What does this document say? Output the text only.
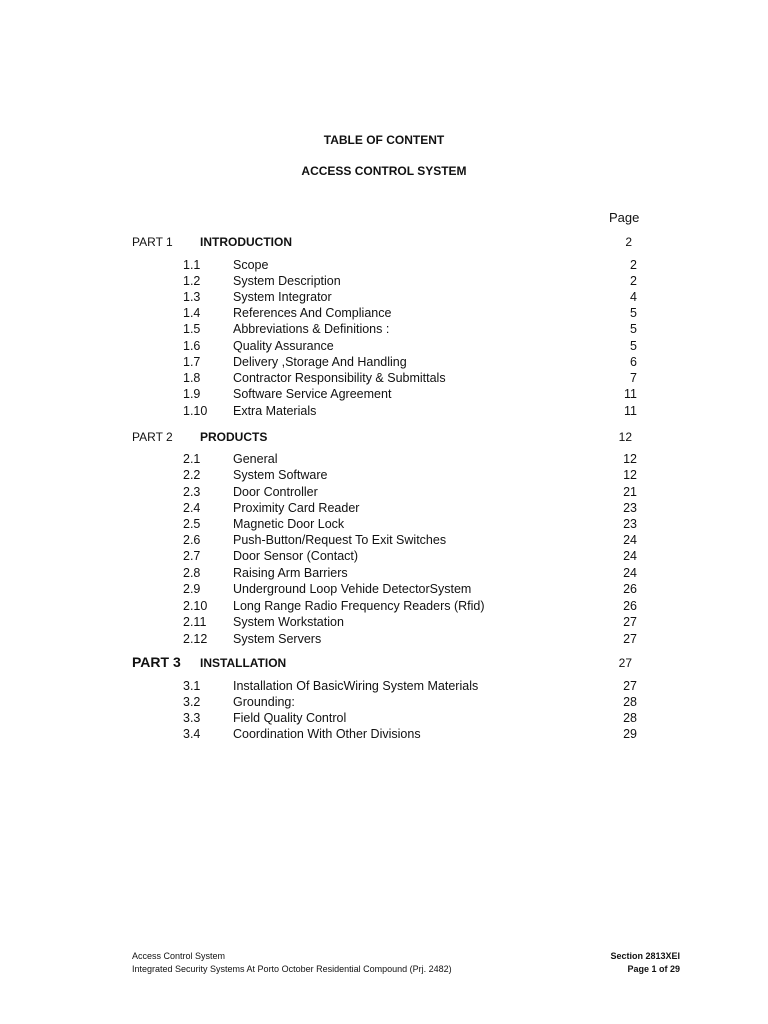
TABLE OF CONTENT
ACCESS CONTROL SYSTEM
Page
PART 1 INTRODUCTION	2
1.1	Scope	2
1.2	System Description	2
1.3	System Integrator	4
1.4	References And Compliance	5
1.5	Abbreviations & Definitions :	5
1.6	Quality Assurance	5
1.7	Delivery ,Storage And Handling	6
1.8	Contractor Responsibility & Submittals	7
1.9	Software Service Agreement	11
1.10 Extra Materials	11
PART 2 PRODUCTS	12
2.1	General	12
2.2	System Software	12
2.3	Door Controller	21
2.4	Proximity Card Reader	23
2.5	Magnetic Door Lock	23
2.6	Push-Button/Request To Exit Switches	24
2.7	Door Sensor (Contact)	24
2.8	Raising Arm Barriers	24
2.9	Underground Loop Vehide DetectorSystem	26
2.10 Long Range Radio Frequency Readers (Rfid)	26
2.11 System Workstation	27
2.12 System Servers	27
PART 3 INSTALLATION	27
3.1	Installation Of BasicWiring System Materials	27
3.2	Grounding:	28
3.3	Field Quality Control	28
3.4	Coordination With Other Divisions	29
Access Control System
Integrated Security Systems At Porto October Residential Compound (Prj. 2482)
Section 2813XEI
Page 1 of 29
